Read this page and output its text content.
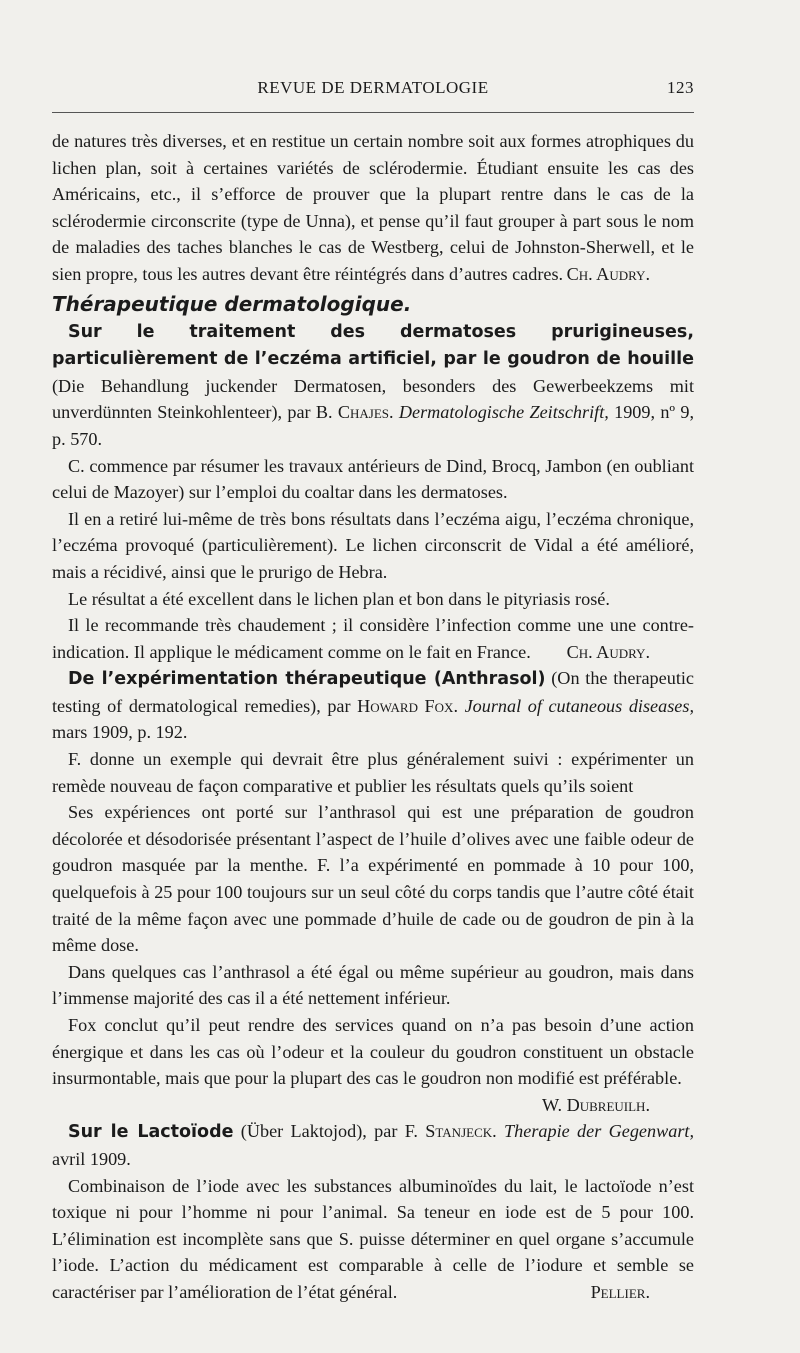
REVUE DE DERMATOLOGIE	123
de natures très diverses, et en restitue un certain nombre soit aux formes atrophiques du lichen plan, soit à certaines variétés de sclérodermie. Étudiant ensuite les cas des Américains, etc., il s’efforce de prouver que la plupart rentre dans le cas de la sclérodermie circonscrite (type de Unna), et pense qu’il faut grouper à part sous le nom de maladies des taches blanches le cas de Westberg, celui de Johnston-Sherwell, et le sien propre, tous les autres devant être réintégrés dans d’autres cadres. Ch. Audry.
Thérapeutique dermatologique.

Sur le traitement des dermatoses prurigineuses, particulièrement de l’eczéma artificiel, par le goudron de houille (Die Behandlung juckender Dermatosen, besonders des Gewerbeekzems mit unverdünnten Steinkohlenteer), par B. Chajes. Dermatologische Zeitschrift, 1909, nº 9, p. 570.

C. commence par résumer les travaux antérieurs de Dind, Brocq, Jambon (en oubliant celui de Mazoyer) sur l’emploi du coaltar dans les dermatoses.

Il en a retiré lui-même de très bons résultats dans l’eczéma aigu, l’eczéma chronique, l’eczéma provoqué (particulièrement). Le lichen circonscrit de Vidal a été amélioré, mais a récidivé, ainsi que le prurigo de Hebra.

Le résultat a été excellent dans le lichen plan et bon dans le pityriasis rosé.

Il le recommande très chaudement ; il considère l’infection comme une une contre-indication. Il applique le médicament comme on le fait en France.	Ch. Audry.

De l’expérimentation thérapeutique (Anthrasol) (On the therapeutic testing of dermatological remedies), par Howard Fox. Journal of cutaneous diseases, mars 1909, p. 192.

F. donne un exemple qui devrait être plus généralement suivi : expérimenter un remède nouveau de façon comparative et publier les résultats quels qu’ils soient

Ses expériences ont porté sur l’anthrasol qui est une préparation de goudron décolorée et désodorisée présentant l’aspect de l’huile d’olives avec une faible odeur de goudron masquée par la menthe. F. l’a expérimenté en pommade à 10 pour 100, quelquefois à 25 pour 100 toujours sur un seul côté du corps tandis que l’autre côté était traité de la même façon avec une pommade d’huile de cade ou de goudron de pin à la même dose.

Dans quelques cas l’anthrasol a été égal ou même supérieur au goudron, mais dans l’immense majorité des cas il a été nettement inférieur.

Fox conclut qu’il peut rendre des services quand on n’a pas besoin d’une action énergique et dans les cas où l’odeur et la couleur du goudron constituent un obstacle insurmontable, mais que pour la plupart des cas le goudron non modifié est préférable.
W. Dubreuilh.

Sur le Lactoïode (Über Laktojod), par F. Stanjeck. Therapie der Gegenwart, avril 1909.

Combinaison de l’iode avec les substances albuminoïdes du lait, le lactoïode n’est toxique ni pour l’homme ni pour l’animal. Sa teneur en iode est de 5 pour 100. L’élimination est incomplète sans que S. puisse déterminer en quel organe s’accumule l’iode. L’action du médicament est comparable à celle de l’iodure et semble se caractériser par l’amélioration de l’état général.	Pellier.
